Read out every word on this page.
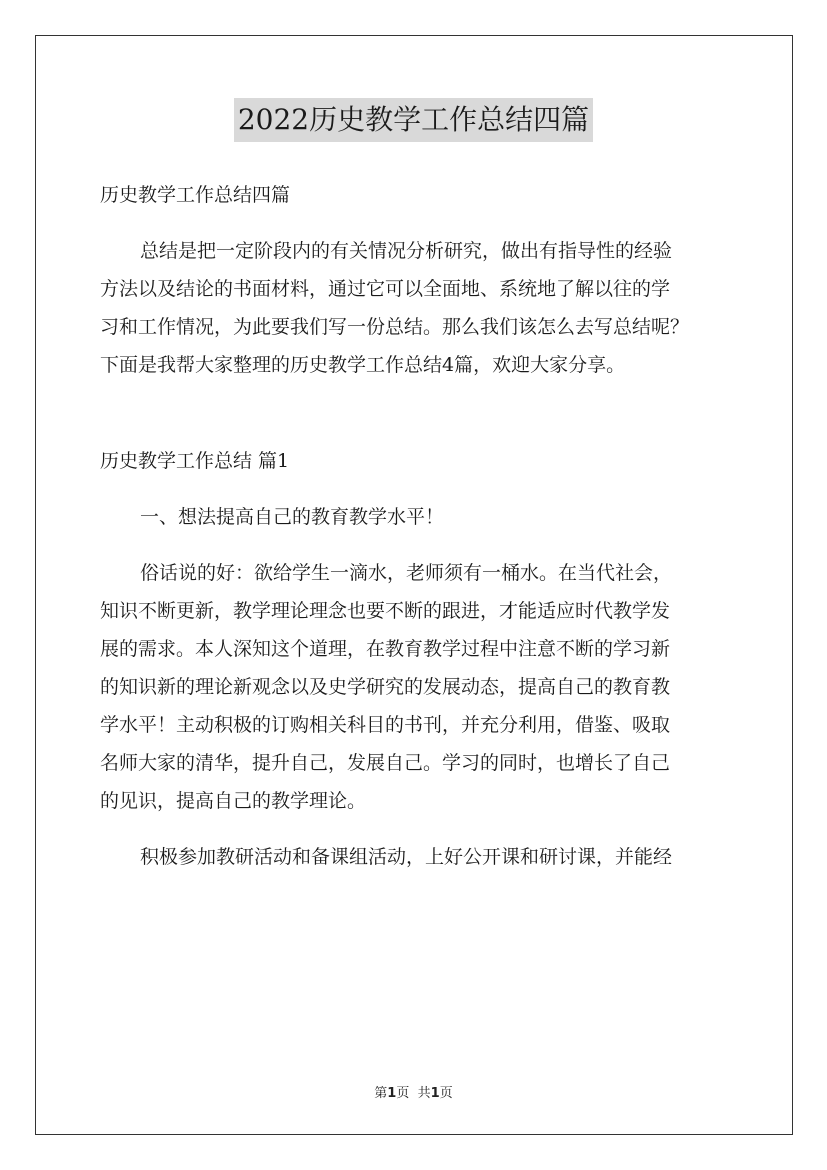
2022历史教学工作总结四篇

历史教学工作总结四篇

总结是把一定阶段内的有关情况分析研究，做出有指导性的经验

方法以及结论的书面材料，通过它可以全面地、系统地了解以往的学

习和工作情况，为此要我们写一份总结。那么我们该怎么去写总结呢？

下面是我帮大家整理的历史教学工作总结4篇，欢迎大家分享。

历史教学工作总结 篇1

一、想法提高自己的教育教学水平！

俗话说的好：欲给学生一滴水，老师须有一桶水。在当代社会，

知识不断更新，教学理论理念也要不断的跟进，才能适应时代教学发

展的需求。本人深知这个道理，在教育教学过程中注意不断的学习新

的知识新的理论新观念以及史学研究的发展动态，提高自己的教育教

学水平！主动积极的订购相关科目的书刊，并充分利用，借鉴、吸取

名师大家的清华，提升自己，发展自己。学习的同时，也增长了自己

的见识，提高自己的教学理论。

积极参加教研活动和备课组活动，上好公开课和研讨课，并能经

第1页 共1页
